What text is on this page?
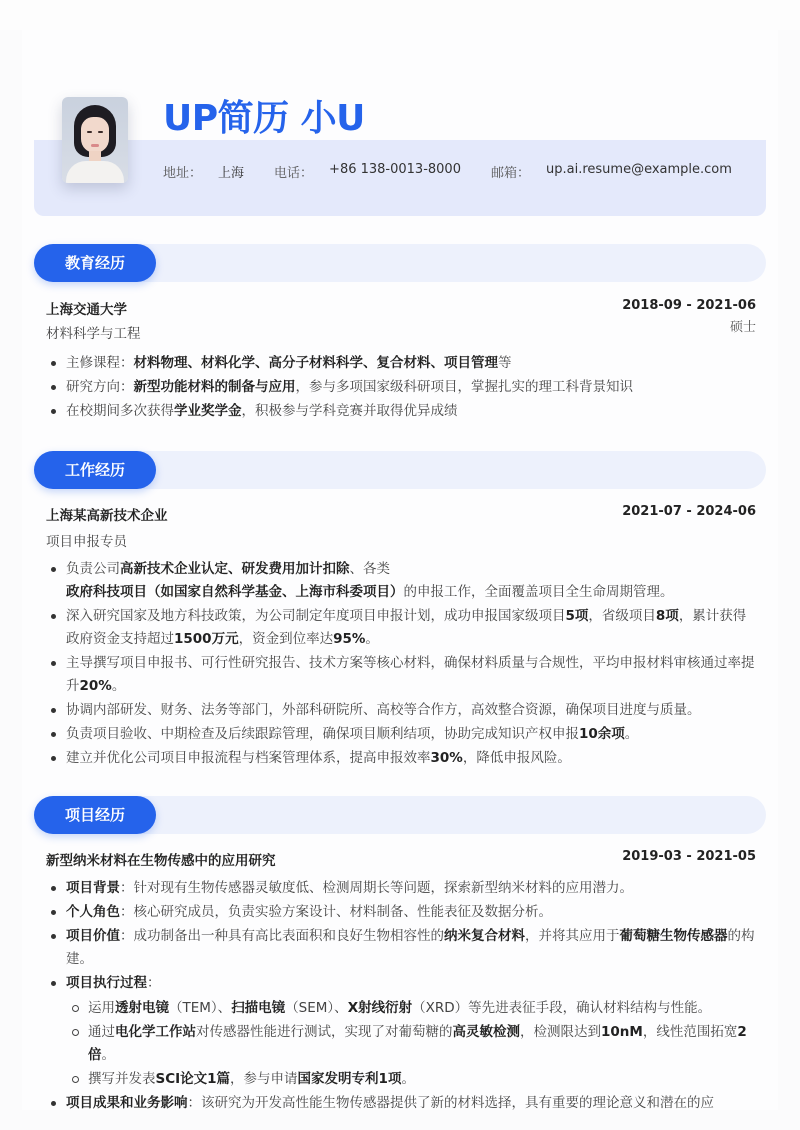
UP简历 小U
地址： 上海 电话： +86 138-0013-8000 邮箱： up.ai.resume@example.com
教育经历
上海交通大学	2018-09 - 2021-06
材料科学与工程	硕士
主修课程：材料物理、材料化学、高分子材料科学、复合材料、项目管理等
研究方向：新型功能材料的制备与应用，参与多项国家级科研项目，掌握扎实的理工科背景知识
在校期间多次获得学业奖学金，积极参与学科竞赛并取得优异成绩
工作经历
上海某高新技术企业	2021-07 - 2024-06
项目申报专员
负责公司高新技术企业认定、研发费用加计扣除、各类
政府科技项目（如国家自然科学基金、上海市科委项目）的申报工作，全面覆盖项目全生命周期管理。
深入研究国家及地方科技政策，为公司制定年度项目申报计划，成功申报国家级项目5项，省级项目8项，累计获得政府资金支持超过1500万元，资金到位率达95%。
主导撰写项目申报书、可行性研究报告、技术方案等核心材料，确保材料质量与合规性，平均申报材料审核通过率提升20%。
协调内部研发、财务、法务等部门，外部科研院所、高校等合作方，高效整合资源，确保项目进度与质量。
负责项目验收、中期检查及后续跟踪管理，确保项目顺利结项，协助完成知识产权申报10余项。
建立并优化公司项目申报流程与档案管理体系，提高申报效率30%，降低申报风险。
项目经历
新型纳米材料在生物传感中的应用研究	2019-03 - 2021-05
项目背景：针对现有生物传感器灵敏度低、检测周期长等问题，探索新型纳米材料的应用潜力。
个人角色：核心研究成员，负责实验方案设计、材料制备、性能表征及数据分析。
项目价值：成功制备出一种具有高比表面积和良好生物相容性的纳米复合材料，并将其应用于葡萄糖生物传感器的构建。
项目执行过程：
运用透射电镜（TEM）、扫描电镜（SEM）、X射线衍射（XRD）等先进表征手段，确认材料结构与性能。
通过电化学工作站对传感器性能进行测试，实现了对葡萄糖的高灵敏检测，检测限达到10nM，线性范围拓宽2倍。
撰写并发表SCI论文1篇，参与申请国家发明专利1项。
项目成果和业务影响：该研究为开发高性能生物传感器提供了新的材料选择，具有重要的理论意义和潜在的应
